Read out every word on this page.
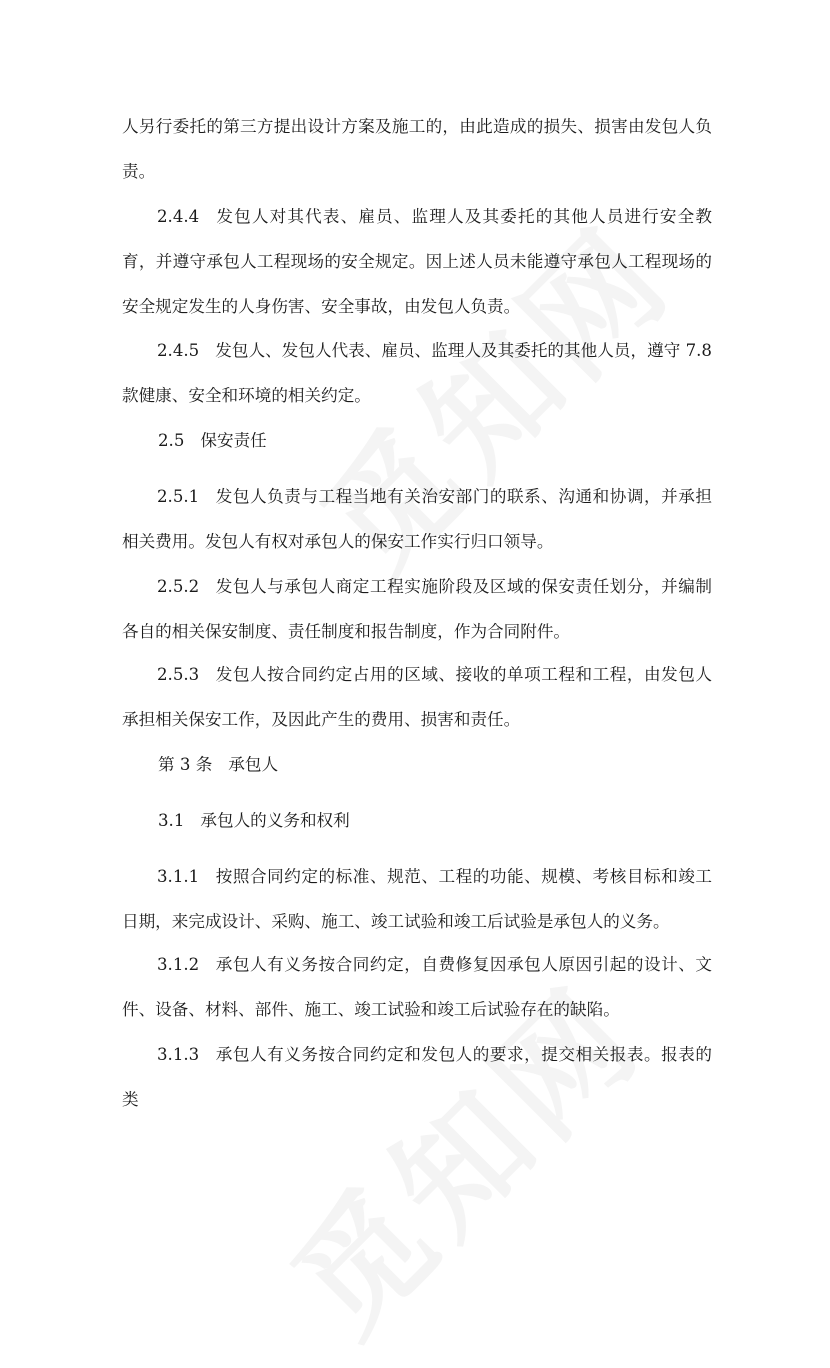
人另行委托的第三方提出设计方案及施工的，由此造成的损失、损害由发包人负责。

2.4.4 发包人对其代表、雇员、监理人及其委托的其他人员进行安全教育，并遵守承包人工程现场的安全规定。因上述人员未能遵守承包人工程现场的安全规定发生的人身伤害、安全事故，由发包人负责。

2.4.5 发包人、发包人代表、雇员、监理人及其委托的其他人员，遵守 7.8 款健康、安全和环境的相关约定。

2.5 保安责任

2.5.1 发包人负责与工程当地有关治安部门的联系、沟通和协调，并承担相关费用。发包人有权对承包人的保安工作实行归口领导。

2.5.2 发包人与承包人商定工程实施阶段及区域的保安责任划分，并编制各自的相关保安制度、责任制度和报告制度，作为合同附件。

2.5.3 发包人按合同约定占用的区域、接收的单项工程和工程，由发包人承担相关保安工作，及因此产生的费用、损害和责任。

第 3 条 承包人

3.1 承包人的义务和权利

3.1.1 按照合同约定的标准、规范、工程的功能、规模、考核目标和竣工日期，来完成设计、采购、施工、竣工试验和竣工后试验是承包人的义务。

3.1.2 承包人有义务按合同约定，自费修复因承包人原因引起的设计、文件、设备、材料、部件、施工、竣工试验和竣工后试验存在的缺陷。

3.1.3 承包人有义务按合同约定和发包人的要求，提交相关报表。报表的类
